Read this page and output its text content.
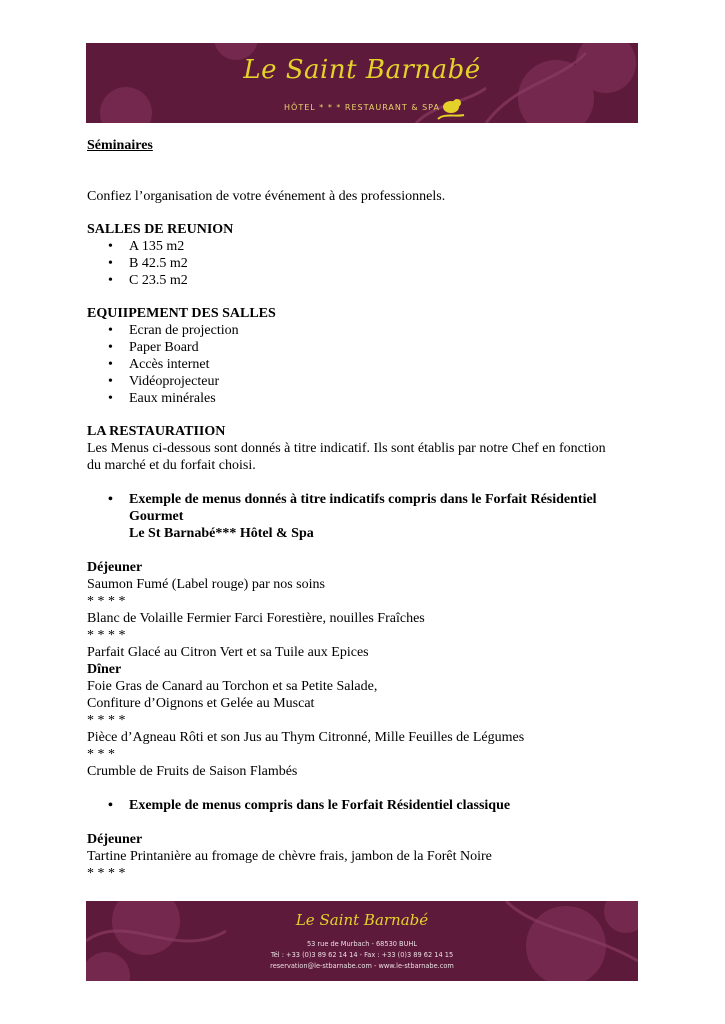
Le Saint Barnabé
HÔTEL * * * RESTAURANT & SPA

Séminaires

Confiez l’organisation de votre événement à des professionnels.

SALLES DE REUNION

• A 135 m2
• B 42.5 m2
• C 23.5 m2

EQUIIPEMENT DES SALLES

• Ecran de projection
• Paper Board
• Accès internet
• Vidéoprojecteur
• Eaux minérales

LA RESTAURATIION

Les Menus ci-dessous sont donnés à titre indicatif. Ils sont établis par notre Chef en fonction

du marché et du forfait choisi.

• Exemple de menus donnés à titre indicatifs compris dans le Forfait Résidentiel
Gourmet
Le St Barnabé*** Hôtel & Spa

Déjeuner

Saumon Fumé (Label rouge) par nos soins

* * * *

Blanc de Volaille Fermier Farci Forestière, nouilles Fraîches

* * * *

Parfait Glacé au Citron Vert et sa Tuile aux Epices

Dîner

Foie Gras de Canard au Torchon et sa Petite Salade,

Confiture d’Oignons et Gelée au Muscat

* * * *

Pièce d’Agneau Rôti et son Jus au Thym Citronné, Mille Feuilles de Légumes

* * *

Crumble de Fruits de Saison Flambés

• Exemple de menus compris dans le Forfait Résidentiel classique

Déjeuner

Tartine Printanière au fromage de chèvre frais, jambon de la Forêt Noire

* * * *

Le Saint Barnabé
53 rue de Murbach - 68530 BUHL
Tél : +33 (0)3 89 62 14 14 - Fax : +33 (0)3 89 62 14 15
reservation@le-stbarnabe.com - www.le-stbarnabe.com
